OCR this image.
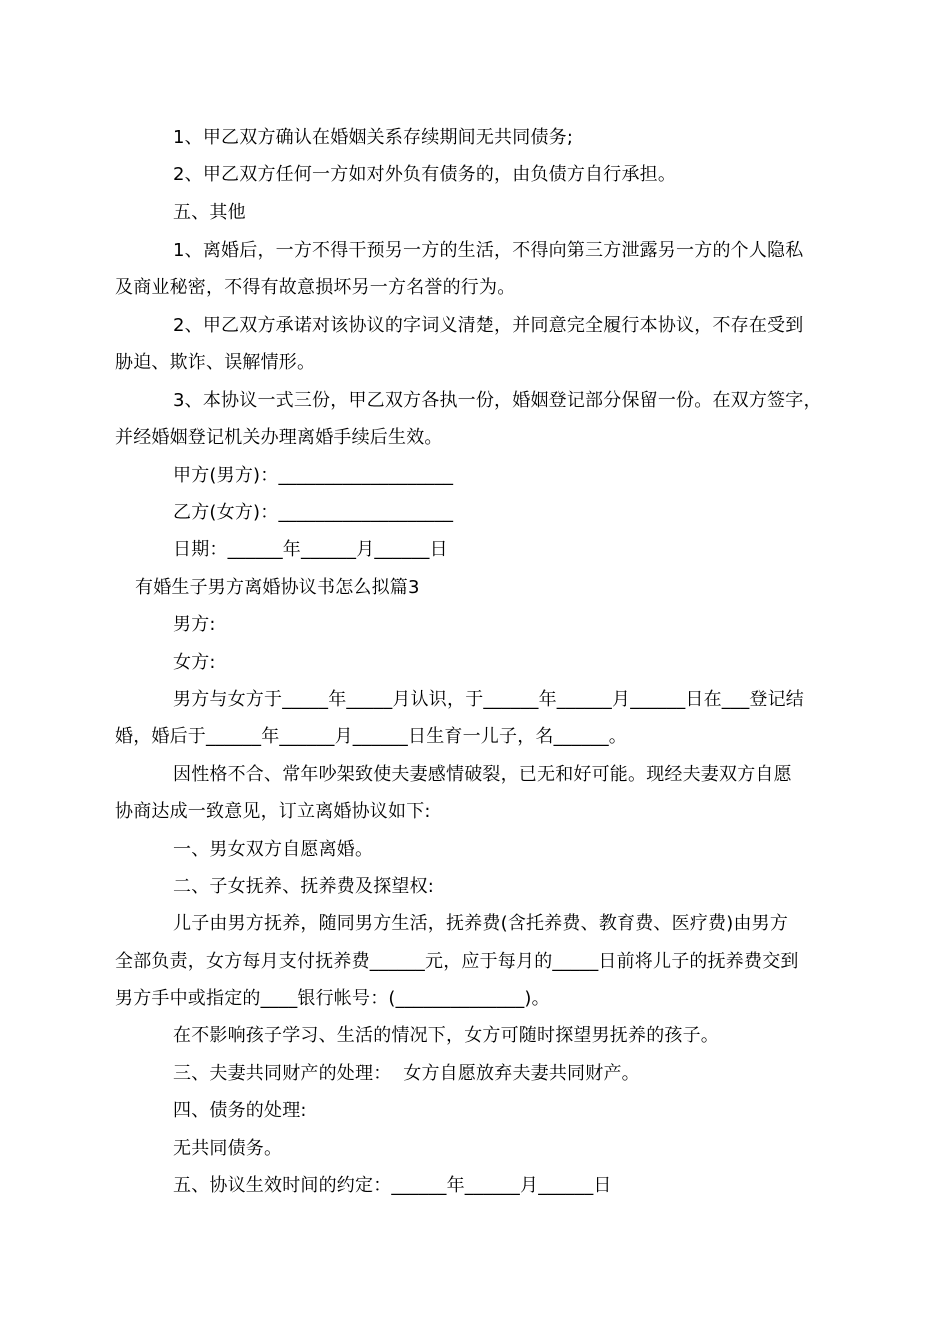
1、甲乙双方确认在婚姻关系存续期间无共同债务;
2、甲乙双方任何一方如对外负有债务的，由负债方自行承担。
五、其他
1、离婚后，一方不得干预另一方的生活，不得向第三方泄露另一方的个人隐私
及商业秘密，不得有故意损坏另一方名誉的行为。
2、甲乙双方承诺对该协议的字词义清楚，并同意完全履行本协议，不存在受到
胁迫、欺诈、误解情形。
3、本协议一式三份，甲乙双方各执一份，婚姻登记部分保留一份。在双方签字，
并经婚姻登记机关办理离婚手续后生效。
甲方(男方)：___________________
乙方(女方)：___________________
日期：______年______月______日
有婚生子男方离婚协议书怎么拟篇3
男方:
女方:
男方与女方于_____年_____月认识，于______年______月______日在___登记结
婚，婚后于______年______月______日生育一儿子，名______。
因性格不合、常年吵架致使夫妻感情破裂，已无和好可能。现经夫妻双方自愿
协商达成一致意见，订立离婚协议如下:
一、男女双方自愿离婚。
二、子女抚养、抚养费及探望权:
儿子由男方抚养，随同男方生活，抚养费(含托养费、教育费、医疗费)由男方
全部负责，女方每月支付抚养费______元，应于每月的_____日前将儿子的抚养费交到
男方手中或指定的____银行帐号：(______________)。
在不影响孩子学习、生活的情况下，女方可随时探望男抚养的孩子。
三、夫妻共同财产的处理：  女方自愿放弃夫妻共同财产。
四、债务的处理:
无共同债务。
五、协议生效时间的约定：______年______月______日
